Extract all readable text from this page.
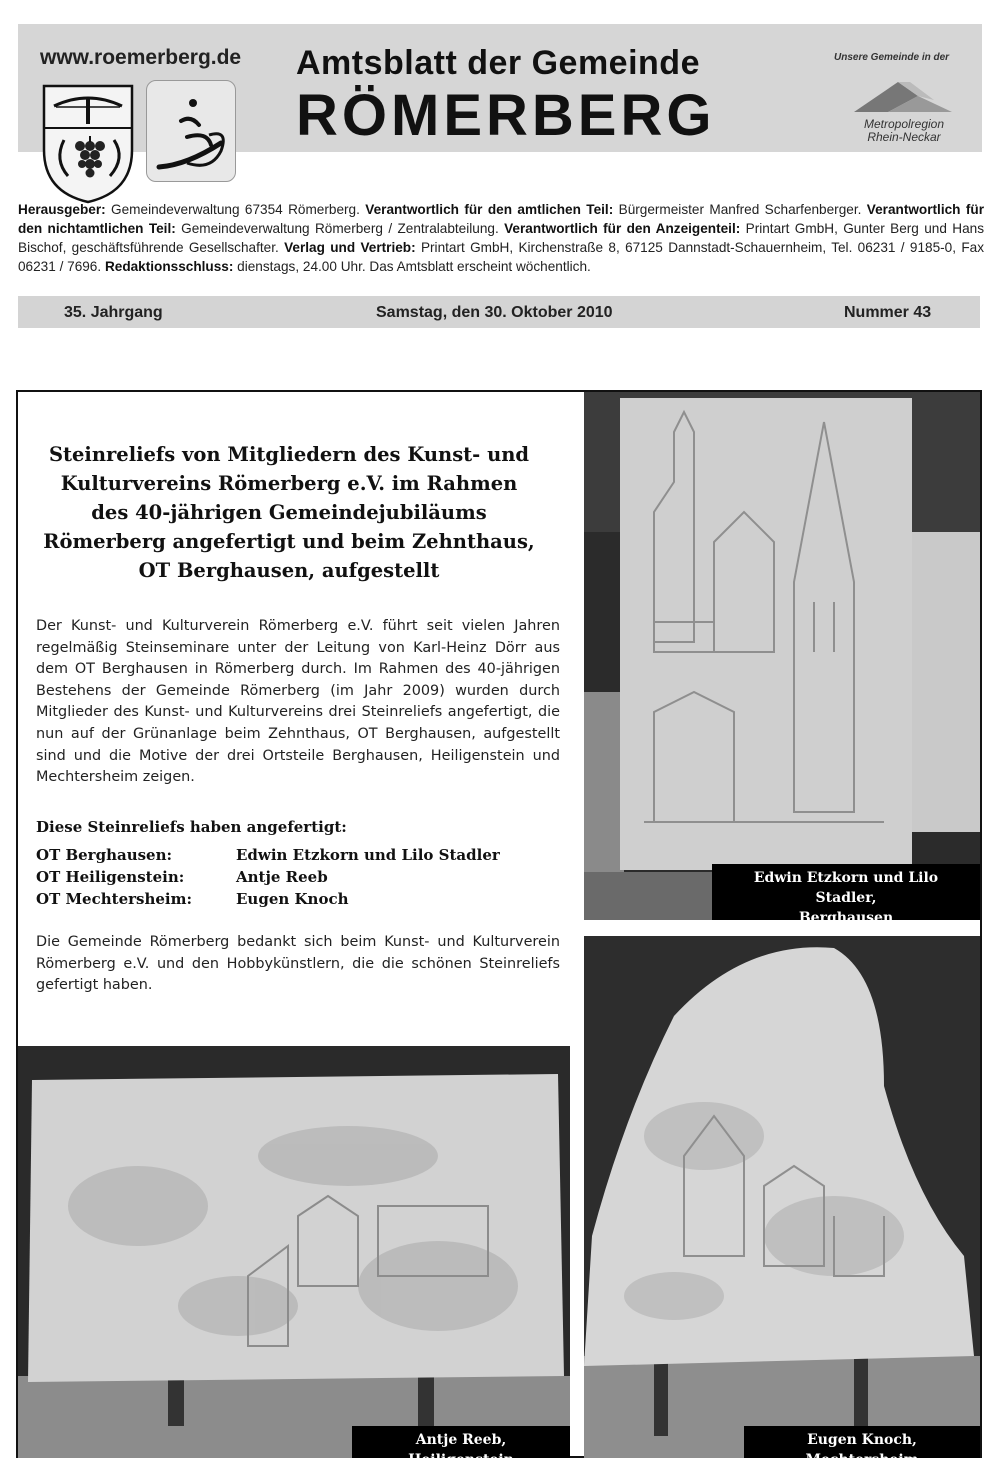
www.roemerberg.de Amtsblatt der Gemeinde
RÖMERBERG
Unsere Gemeinde in der
Metropolregion
Rhein-Neckar
Herausgeber: Gemeindeverwaltung 67354 Römerberg. Verantwortlich für den amtlichen Teil: Bürgermeister Manfred Scharfenberger. Verantwortlich für den nichtamtlichen Teil: Gemeindeverwaltung Römerberg / Zentralabteilung. Verantwortlich für den Anzeigenteil: Printart GmbH, Gunter Berg und Hans Bischof, geschäftsführende Gesellschafter. Verlag und Vertrieb: Printart GmbH, Kirchenstraße 8, 67125 Dannstadt-Schauernheim, Tel. 06231 / 9185-0, Fax 06231 / 7696. Redaktionsschluss: dienstags, 24.00 Uhr. Das Amtsblatt erscheint wöchentlich.
35. Jahrgang	Samstag, den 30. Oktober 2010	Nummer 43
Steinreliefs von Mitgliedern des Kunst- und
Kulturvereins Römerberg e.V. im Rahmen
des 40-jährigen Gemeindejubiläums
Römerberg angefertigt und beim Zehnthaus,
OT Berghausen, aufgestellt

Der Kunst- und Kulturverein Römerberg e.V. führt seit vielen Jahren regelmäßig Steinseminare unter der Leitung von Karl-Heinz Dörr aus dem OT Berghausen in Römerberg durch. Im Rahmen des 40-jährigen Bestehens der Gemeinde Römerberg (im Jahr 2009) wurden durch Mitglieder des Kunst- und Kulturvereins drei Steinreliefs angefertigt, die nun auf der Grünanlage beim Zehnthaus, OT Berghausen, aufgestellt sind und die Motive der drei Ortsteile Berghausen, Heiligenstein und Mechtersheim zeigen.

Diese Steinreliefs haben angefertigt:
OT Berghausen:	Edwin Etzkorn und Lilo Stadler
OT Heiligenstein:	Antje Reeb
OT Mechtersheim:	Eugen Knoch

Die Gemeinde Römerberg bedankt sich beim Kunst- und Kulturverein Römerberg e.V. und den Hobbykünstlern, die die schönen Steinreliefs gefertigt haben.

Edwin Etzkorn und Lilo Stadler,
Berghausen
Antje Reeb, Heiligenstein
Eugen Knoch, Mechtersheim
